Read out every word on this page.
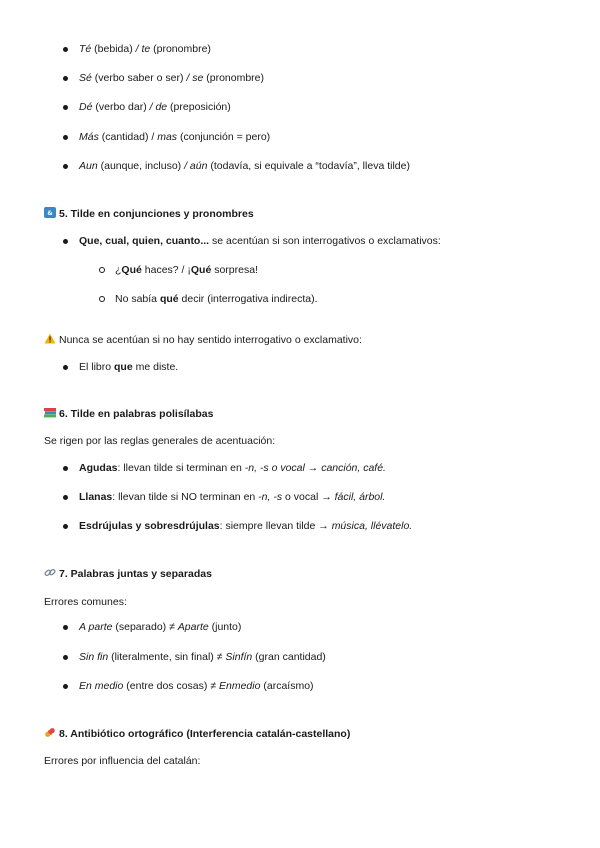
Té (bebida) / te (pronombre)
Sé (verbo saber o ser) / se (pronombre)
Dé (verbo dar) / de (preposición)
Más (cantidad) / mas (conjunción = pero)
Aun (aunque, incluso) / aún (todavía, si equivale a “todavía”, lleva tilde)
& 5. Tilde en conjunciones y pronombres
Que, cual, quien, cuanto... se acentúan si son interrogativos o exclamativos:
¿Qué haces? / ¡Qué sorpresa!
No sabía qué decir (interrogativa indirecta).
Nunca se acentúan si no hay sentido interrogativo o exclamativo:
El libro que me diste.
6. Tilde en palabras polisílabas
Se rigen por las reglas generales de acentuación:
Agudas: llevan tilde si terminan en -n, -s o vocal → canción, café.
Llanas: llevan tilde si NO terminan en -n, -s o vocal → fácil, árbol.
Esdrújulas y sobresdrújulas: siempre llevan tilde → música, llévatelo.
7. Palabras juntas y separadas
Errores comunes:
A parte (separado) ≠ Aparte (junto)
Sin fin (literalmente, sin final) ≠ Sinfín (gran cantidad)
En medio (entre dos cosas) ≠ Enmedio (arcaísmo)
8. Antibiótico ortográfico (Interferencia catalán-castellano)
Errores por influencia del catalán:
